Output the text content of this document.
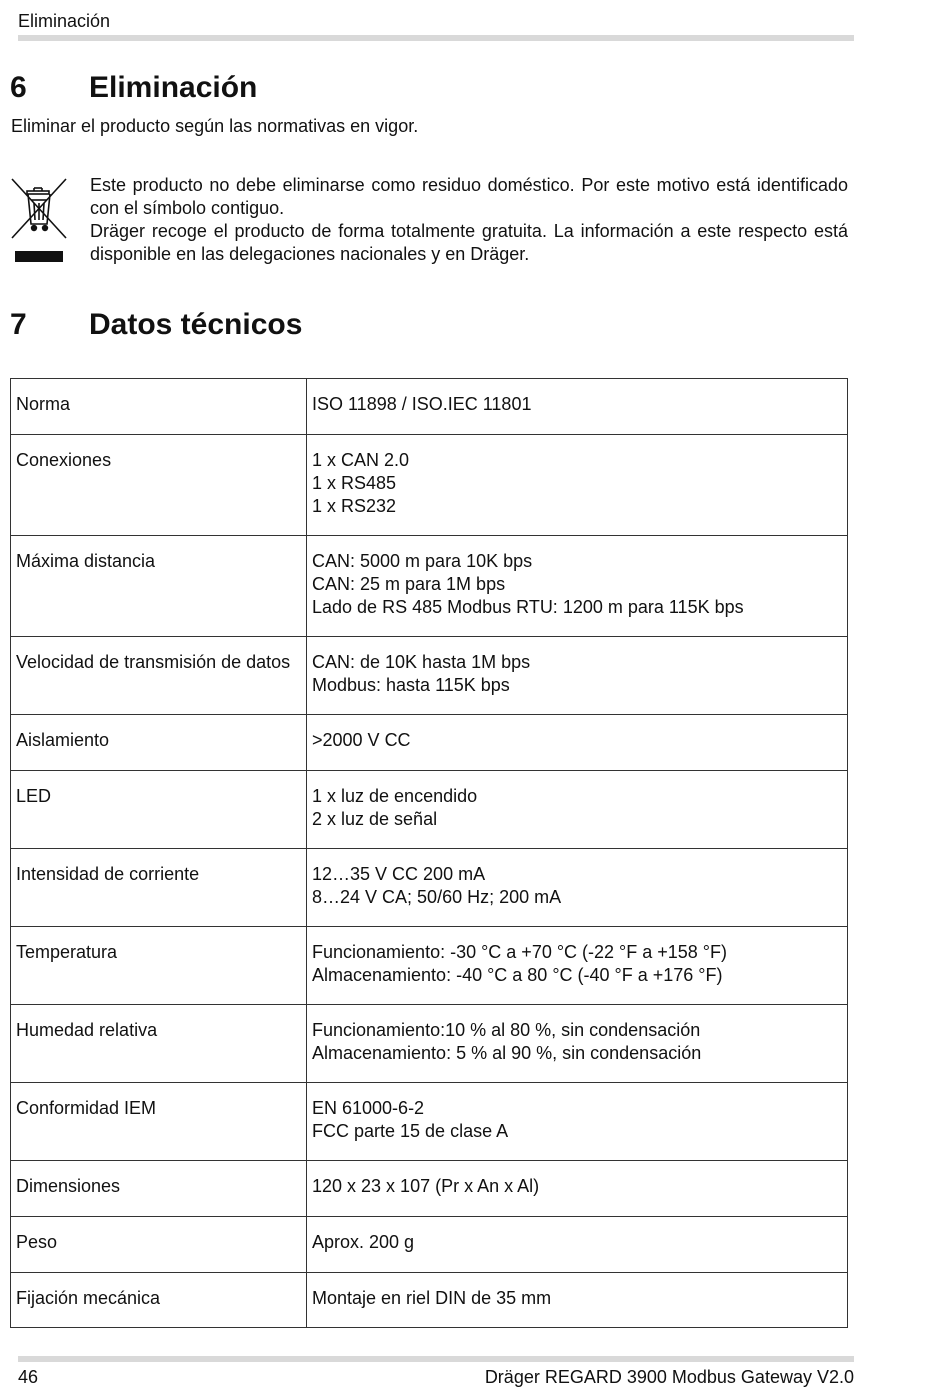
Eliminación
6	Eliminación
Eliminar el producto según las normativas en vigor.

Este producto no debe eliminarse como residuo doméstico. Por este motivo está identificado con el símbolo contiguo.

Dräger recoge el producto de forma totalmente gratuita. La información a este respecto está disponible en las delegaciones nacionales y en Dräger.

7	Datos técnicos
Norma	ISO 11898 / ISO.IEC 11801

Conexiones	1 x CAN 2.0
1 x RS485
1 x RS232

Máxima distancia	CAN: 5000 m para 10K bps
CAN: 25 m para 1M bps
Lado de RS 485 Modbus RTU: 1200 m para 115K bps

Velocidad de transmisión de datos	CAN: de 10K hasta 1M bps
Modbus: hasta 115K bps

Aislamiento	>2000 V CC

LED	1 x luz de encendido
2 x luz de señal

Intensidad de corriente	12…35 V CC 200 mA
8…24 V CA; 50/60 Hz; 200 mA

Temperatura	Funcionamiento: -30 °C a +70 °C (-22 °F a +158 °F)
Almacenamiento: -40 °C a 80 °C (-40 °F a +176 °F)

Humedad relativa	Funcionamiento:10 % al 80 %, sin condensación
Almacenamiento: 5 % al 90 %, sin condensación

Conformidad IEM	EN 61000-6-2
FCC parte 15 de clase A

Dimensiones	120 x 23 x 107 (Pr x An x Al)

Peso	Aprox. 200 g

Fijación mecánica	Montaje en riel DIN de 35 mm
46	Dräger REGARD 3900 Modbus Gateway V2.0
